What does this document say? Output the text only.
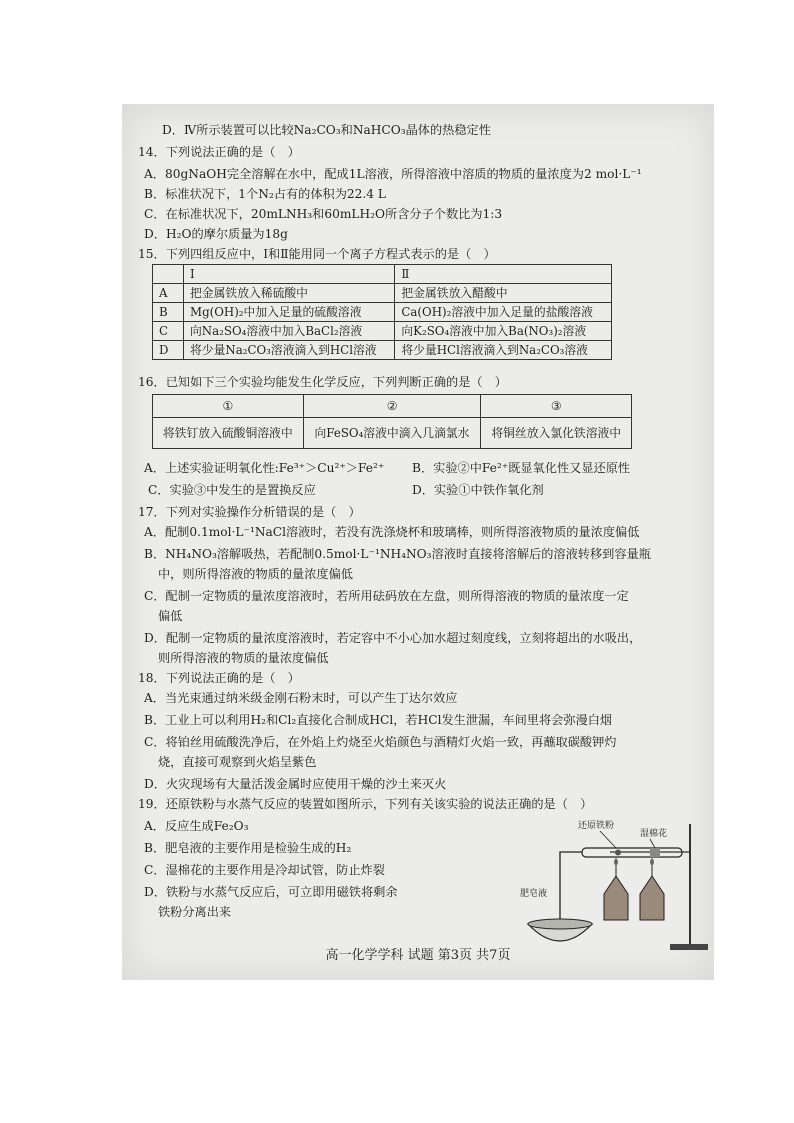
D．Ⅳ所示装置可以比较Na₂CO₃和NaHCO₃晶体的热稳定性
14．下列说法正确的是（　）
A．80gNaOH完全溶解在水中，配成1L溶液，所得溶液中溶质的物质的量浓度为2 mol·L⁻¹
B．标准状况下，1个N₂占有的体积为22.4 L
C．在标准状况下，20mLNH₃和60mLH₂O所含分子个数比为1:3
D．H₂O的摩尔质量为18g
15．下列四组反应中，Ⅰ和Ⅱ能用同一个离子方程式表示的是（　）
	Ⅰ	Ⅱ
A	把金属铁放入稀硫酸中	把金属铁放入醋酸中
B	Mg(OH)₂中加入足量的硫酸溶液	Ca(OH)₂溶液中加入足量的盐酸溶液
C	向Na₂SO₄溶液中加入BaCl₂溶液	向K₂SO₄溶液中加入Ba(NO₃)₂溶液
D	将少量Na₂CO₃溶液滴入到HCl溶液	将少量HCl溶液滴入到Na₂CO₃溶液
16．已知如下三个实验均能发生化学反应，下列判断正确的是（　）
①	②	③
将铁钉放入硫酸铜溶液中	向FeSO₄溶液中滴入几滴氯水	将铜丝放入氯化铁溶液中
A．上述实验证明氧化性:Fe³⁺＞Cu²⁺＞Fe²⁺ B．实验②中Fe²⁺既显氧化性又显还原性
C．实验③中发生的是置换反应	D．实验①中铁作氧化剂
17．下列对实验操作分析错误的是（　）
A．配制0.1mol·L⁻¹NaCl溶液时，若没有洗涤烧杯和玻璃棒，则所得溶液物质的量浓度偏低
B．NH₄NO₃溶解吸热，若配制0.5mol·L⁻¹NH₄NO₃溶液时直接将溶解后的溶液转移到容量瓶
中，则所得溶液的物质的量浓度偏低
C．配制一定物质的量浓度溶液时，若所用砝码放在左盘，则所得溶液的物质的量浓度一定
偏低
D．配制一定物质的量浓度溶液时，若定容中不小心加水超过刻度线，立刻将超出的水吸出，
则所得溶液的物质的量浓度偏低
18．下列说法正确的是（　）
A．当光束通过纳米级金刚石粉末时，可以产生丁达尔效应
B．工业上可以利用H₂和Cl₂直接化合制成HCl，若HCl发生泄漏，车间里将会弥漫白烟
C．将铂丝用硫酸洗净后，在外焰上灼烧至火焰颜色与酒精灯火焰一致，再蘸取碳酸钾灼
烧，直接可观察到火焰呈紫色
D．火灾现场有大量活泼金属时应使用干燥的沙土来灭火
19．还原铁粉与水蒸气反应的装置如图所示，下列有关该实验的说法正确的是（　）
A．反应生成Fe₂O₃
B．肥皂液的主要作用是检验生成的H₂
C．湿棉花的主要作用是冷却试管，防止炸裂
D．铁粉与水蒸气反应后，可立即用磁铁将剩余
铁粉分离出来
还原铁粉
湿棉花
肥皂液
高一化学学科 试题 第3页 共7页
